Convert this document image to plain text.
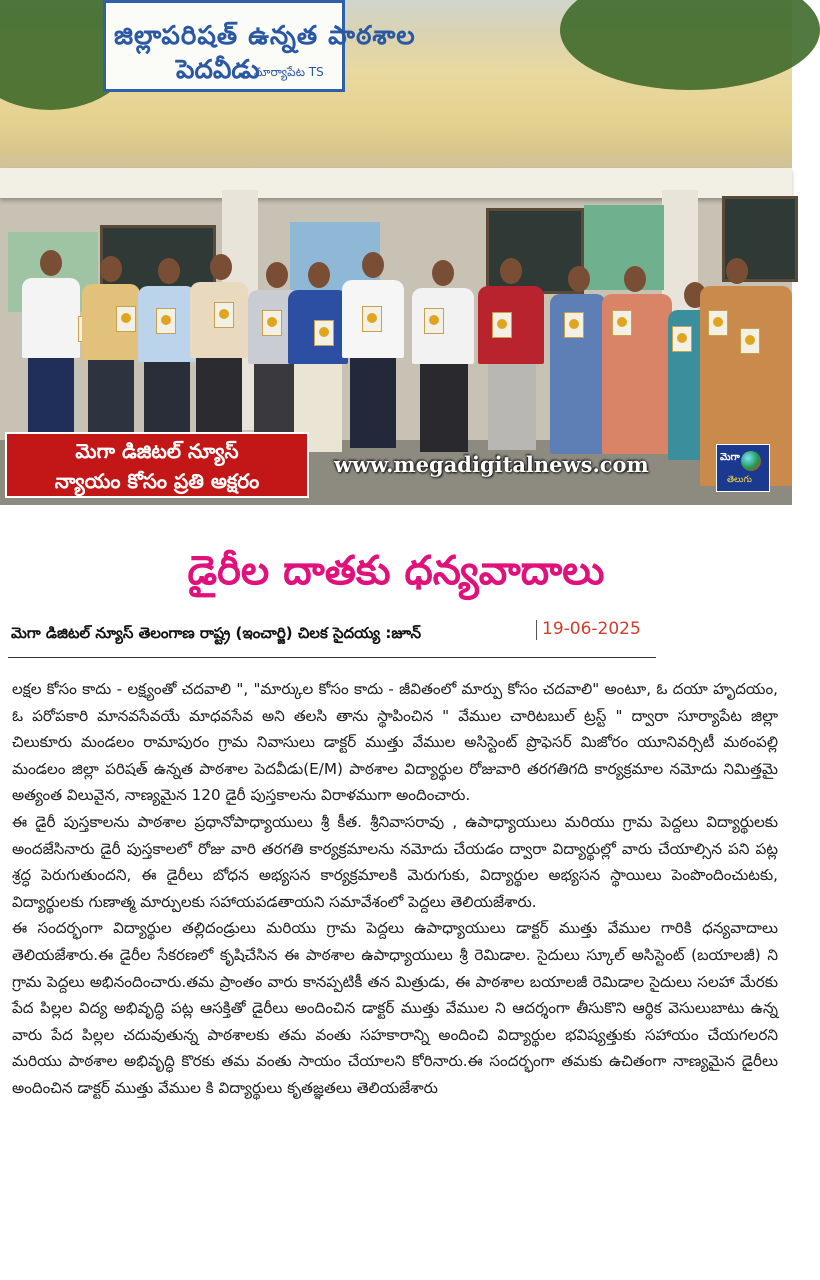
జిల్లాపరిషత్ ఉన్నత పాఠశాల
పెదవీడు
సూర్యాపేట TS
మెగా డిజిటల్ న్యూస్
న్యాయం కోసం ప్రతి అక్షరం
www.megadigitalnews.com	మెగా
తెలుగు
డైరీల దాతకు ధన్యవాదాలు
మెగా డిజిటల్ న్యూస్ తెలంగాణ రాష్ట్ర (ఇంచార్జి) చిలక సైదయ్య :జూన్	19-06-2025

లక్షల కోసం కాదు - లక్ష్యంతో చదవాలి ", "మార్కుల కోసం కాదు - జీవితంలో మార్పు కోసం చదవాలి" అంటూ, ఓ దయా హృదయం, ఓ పరోపకారి మానవసేవయే మాధవసేవ అని తలసి తాను స్థాపించిన " వేముల చారిటబుల్ ట్రస్ట్ " ద్వారా సూర్యాపేట జిల్లా చిలుకూరు మండలం రామాపురం గ్రామ నివాసులు డాక్టర్ ముత్తు వేముల అసిస్టెంట్ ప్రొఫెసర్ మిజోరం యూనివర్సిటీ మఠంపల్లి మండలం జిల్లా పరిషత్ ఉన్నత పాఠశాల పెదవీడు(E/M) పాఠశాల విద్యార్థుల రోజువారి తరగతిగది కార్యక్రమాల నమోదు నిమిత్తమై అత్యంత విలువైన, నాణ్యమైన 120 డైరీ పుస్తకాలను విరాళముగా అందించారు.

ఈ డైరీ పుస్తకాలను పాఠశాల ప్రధానోపాధ్యాయులు శ్రీ కీత. శ్రీనివాసరావు , ఉపాధ్యాయులు మరియు గ్రామ పెద్దలు విద్యార్థులకు అందజేసినారు డైరీ పుస్తకాలలో రోజు వారి తరగతి కార్యక్రమాలను నమోదు చేయడం ద్వారా విద్యార్థుల్లో వారు చేయాల్సిన పని పట్ల శ్రద్ధ పెరుగుతుందని, ఈ డైరీలు బోధన అభ్యసన కార్యక్రమాలకి మెరుగుకు, విద్యార్థుల అభ్యసన స్థాయిలు పెంపొందించుటకు, విద్యార్థులకు గుణాత్మ మార్పులకు సహాయపడతాయని సమావేశంలో పెద్దలు తెలియజేశారు.

ఈ సందర్భంగా విద్యార్థుల తల్లిదండ్రులు మరియు గ్రామ పెద్దలు ఉపాధ్యాయులు డాక్టర్ ముత్తు వేముల గారికి ధన్యవాదాలు తెలియజేశారు.ఈ డైరీల సేకరణలో కృషిచేసిన ఈ పాఠశాల ఉపాధ్యాయులు శ్రీ రెమిడాల. సైదులు స్కూల్ అసిస్టెంట్ (బయాలజీ) ని గ్రామ పెద్దలు అభినందించారు.తమ ప్రాంతం వారు కానప్పటికీ తన మిత్రుడు, ఈ పాఠశాల బయాలజీ రెమిడాల సైదులు సలహా మేరకు పేద పిల్లల విద్య అభివృద్ధి పట్ల ఆసక్తితో డైరీలు అందించిన డాక్టర్ ముత్తు వేముల ని ఆదర్శంగా తీసుకొని ఆర్థిక వెసులుబాటు ఉన్న వారు పేద పిల్లల చదువుతున్న పాఠశాలకు తమ వంతు సహకారాన్ని అందించి విద్యార్థుల భవిష్యత్తుకు సహాయం చేయగలరని మరియు పాఠశాల అభివృద్ధి కొరకు తమ వంతు సాయం చేయాలని కోరినారు.ఈ సందర్భంగా తమకు ఉచితంగా నాణ్యమైన డైరీలు అందించిన డాక్టర్ ముత్తు వేముల కి విద్యార్థులు కృతజ్ఞతలు తెలియజేశారు
